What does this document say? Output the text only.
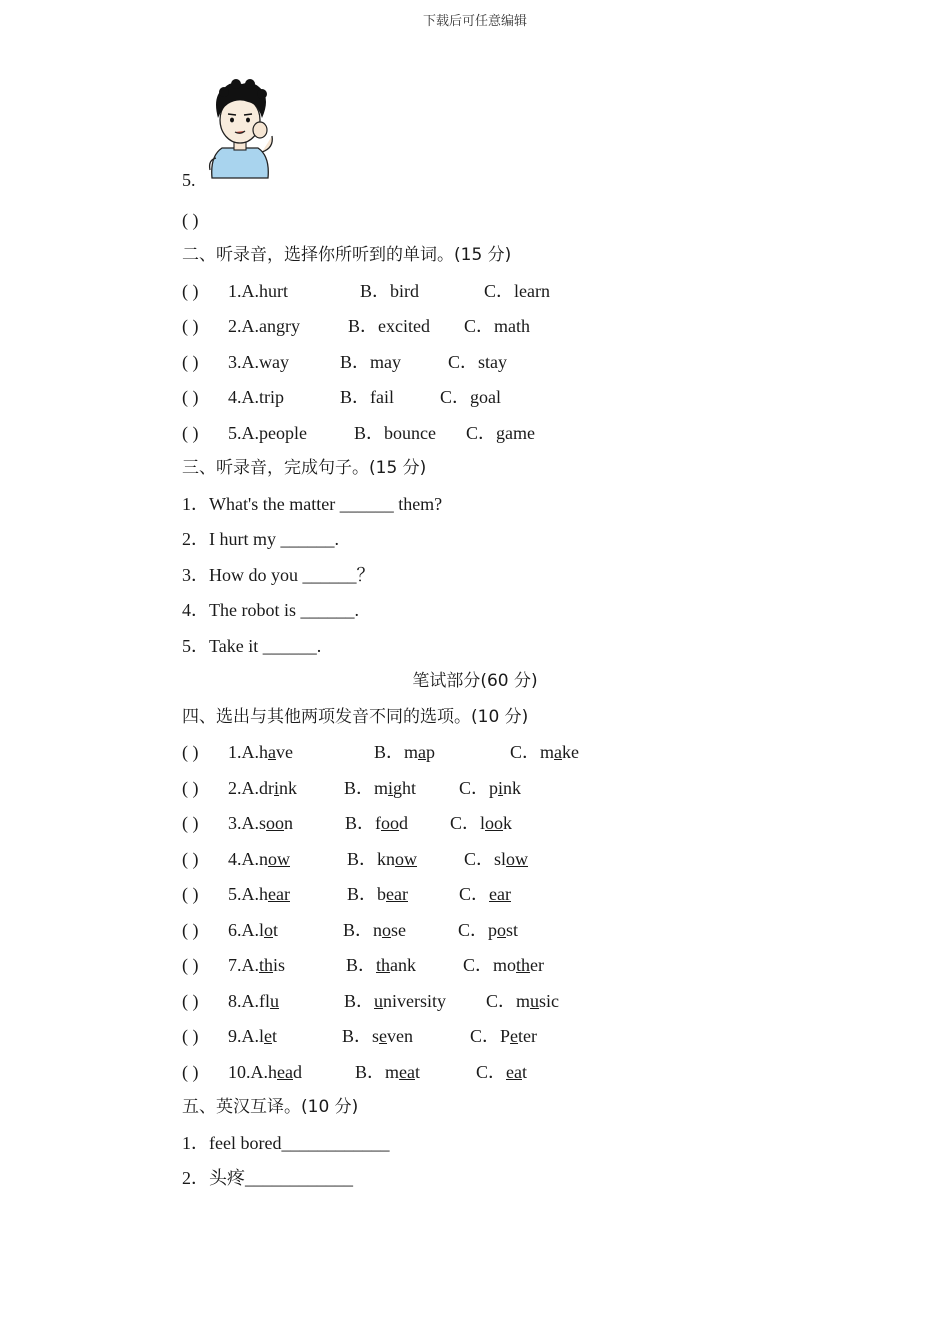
下载后可任意编辑
5.
( )
二、听录音，选择你所听到的单词。(15 分)
( ) 1.A.hurt	B．bird	C．learn
( ) 2.A.angry	B．excited C．math
( ) 3.A.way	B．may	C．stay
( ) 4.A.trip	B．fail	C．goal
( ) 5.A.people	B．bounce C．game
三、听录音，完成句子。(15 分)
1．What's the matter ______ them?
2．I hurt my ______.
3．How do you ______？
4．The robot is ______.
5．Take it ______.
笔试部分(60 分)
四、选出与其他两项发音不同的选项。(10 分)
( ) 1.A.have	B．map	C．make
( ) 2.A.drink	B．might C．pink
( ) 3.A.soon	B．food C．look
( ) 4.A.now	B．know	C．slow
( ) 5.A.hear	B．bear	C．ear
( ) 6.A.lot	B．nose	C．post
( ) 7.A.this	B．thank	C．mother
( ) 8.A.flu	B．university C．music
( ) 9.A.let	B．seven	C．Peter
( ) 10.A.head	B．meat	C．eat
五、英汉互译。(10 分)
1．feel bored____________
2．头疼____________
